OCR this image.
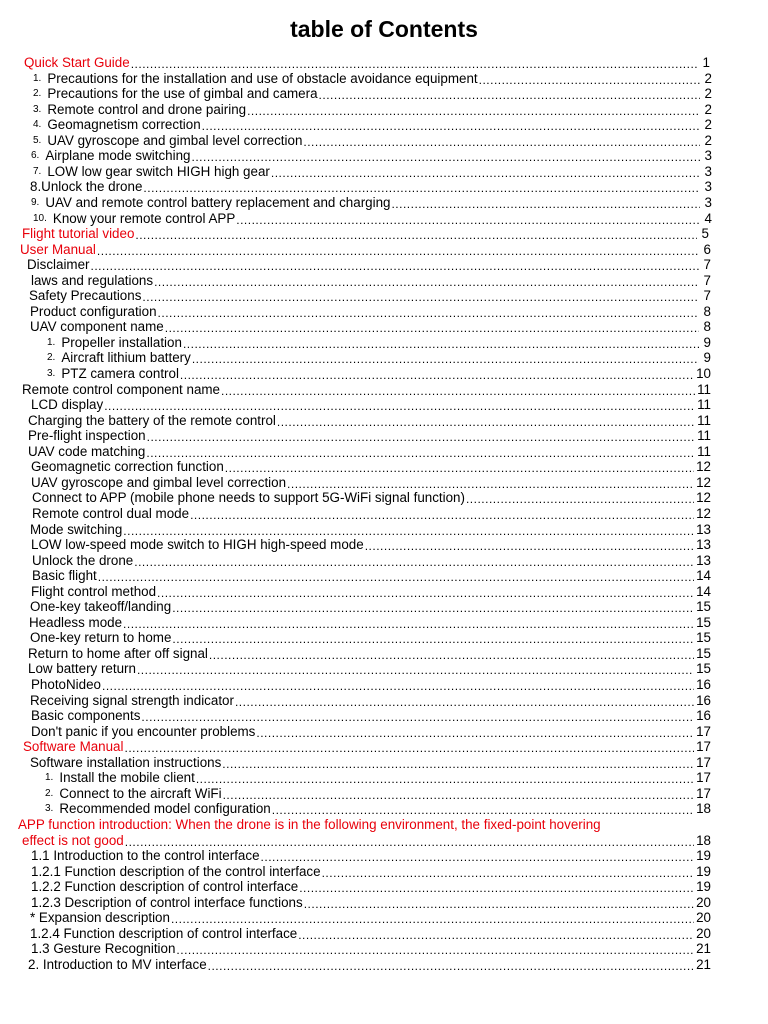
table of Contents
Quick Start Guide .....	1
1. Precautions for the installation and use of obstacle avoidance equipment .....	2
2. Precautions for the use of gimbal and camera .....	2
3. Remote control and drone pairing .....	2
4. Geomagnetism correction .....	2
5. UAV gyroscope and gimbal level correction .....	2
6. Airplane mode switching .....	3
7. LOW low gear switch HIGH high gear .....	3
8.Unlock the drone .....	3
9. UAV and remote control battery replacement and charging .....	3
10. Know your remote control APP .....	4
Flight tutorial video .....	5
User Manual .....	6
Disclaimer .....	7
laws and regulations .....	7
Safety Precautions .....	7
Product configuration .....	8
UAV component name .....	8
1. Propeller installation .....	9
2. Aircraft lithium battery .....	9
3. PTZ camera control .....	10
Remote control component name .....	11
LCD display .....	11
Charging the battery of the remote control .....	11
Pre-flight inspection .....	11
UAV code matching .....	11
Geomagnetic correction function .....	12
UAV gyroscope and gimbal level correction .....	12
Connect to APP (mobile phone needs to support 5G-WiFi signal function) .....	12
Remote control dual mode .....	12
Mode switching .....	13
LOW low-speed mode switch to HIGH high-speed mode .....	13
Unlock the drone .....	13
Basic flight .....	14
Flight control method .....	14
One-key takeoff/landing .....	15
Headless mode .....	15
One-key return to home .....	15
Return to home after off signal .....	15
Low battery return .....	15
PhotoNideo .....	16
Receiving signal strength indicator .....	16
Basic components .....	16
Don't panic if you encounter problems .....	17
Software Manual .....	17
Software installation instructions .....	17
1. Install the mobile client .....	17
2. Connect to the aircraft WiFi .....	17
3. Recommended model configuration .....	18
APP function introduction: When the drone is in the following environment, the fixed-point hovering
effect is not good .....	18
1.1 Introduction to the control interface .....	19
1.2.1 Function description of the control interface .....	19
1.2.2 Function description of control interface .....	19
1.2.3 Description of control interface functions .....	20
* Expansion description .....	20
1.2.4 Function description of control interface .....	20
1.3 Gesture Recognition .....	21
2. Introduction to MV interface .....	21
